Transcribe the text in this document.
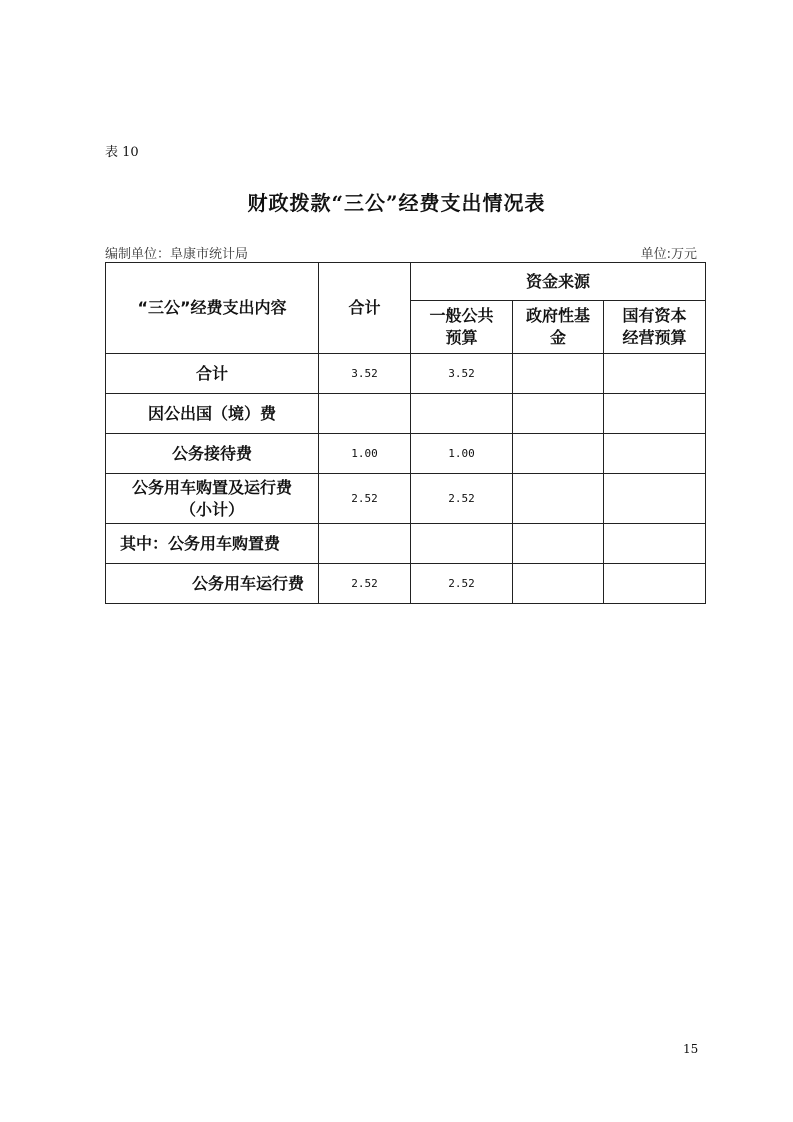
表 10
财政拨款“三公”经费支出情况表
编制单位：阜康市统计局	单位:万元
“三公”经费支出内容	合计	资金来源		

		一般公共预算	政府性基金	国有资本经营预算

合计	3.52	3.52		
因公出国（境）费				
公务接待费	1.00	1.00		

公务用车购置及运行费（小计）	2.52	2.52		
其中：公务用车购置费				
公务用车运行费	2.52	2.52		
15
